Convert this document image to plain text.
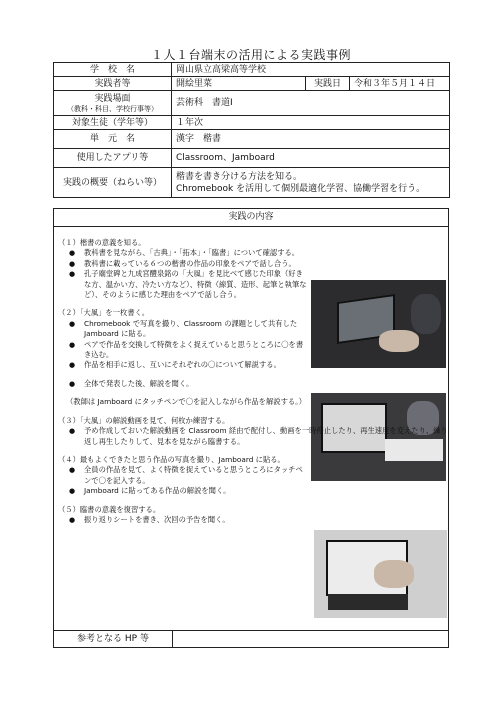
１人１台端末の活用による実践事例
学　校　名	岡山県立高梁高等学校		
実践者等	開絵里菜	実践日	令和３年５月１４日
実践場面
（教科・科目、学校行事等）	芸術科　書道Ⅰ		
対象生徒（学年等）	１年次		
単　元　名	漢字　楷書		
使用したアプリ等	Classroom、Jamboard		
実践の概要（ねらい等）	楷書を書き分ける方法を知る。
Chromebook を活用して個別最適化学習、協働学習を行う。		
実践の内容
（１）楷書の意義を知る。
● 教科書を見ながら、「古典」・「拓本」・「臨書」について確認する。
● 教科書に載っている６つの楷書の作品の印象をペアで話し合う。
● 孔子廟堂碑と九成宮醴泉銘の「大風」を見比べて感じた印象（好きな方、温かい方、冷たい方など）、特徴（線質、造形、起筆と執筆など）、そのように感じた理由をペアで話し合う。
（２）「大風」を一枚書く。
● Chromebook で写真を撮り、Classroom の課題として共有した Jamboard に貼る。
● ペアで作品を交換して特徴をよく捉えていると思うところに〇を書き込む。
● 作品を相手に返し、互いにそれぞれの〇について解説する。
● 全体で発表した後、解説を聞く。
（教師は Jamboard にタッチペンで〇を記入しながら作品を解説する。）
（３）「大風」の解説動画を見て、何枚か練習する。
● 予め作成しておいた解説動画を Classroom 経由で配付し、動画を一時停止したり、再生速度を変えたり、繰り返し再生したりして、見本を見ながら臨書する。
（４）最もよくできたと思う作品の写真を撮り、Jamboard に貼る。
● 全員の作品を見て、よく特徴を捉えていると思うところにタッチペンで〇を記入する。
● Jamboard に貼ってある作品の解説を聞く。
（５）臨書の意義を復習する。
● 振り返りシートを書き、次回の予告を聞く。
参考となる HP 等
